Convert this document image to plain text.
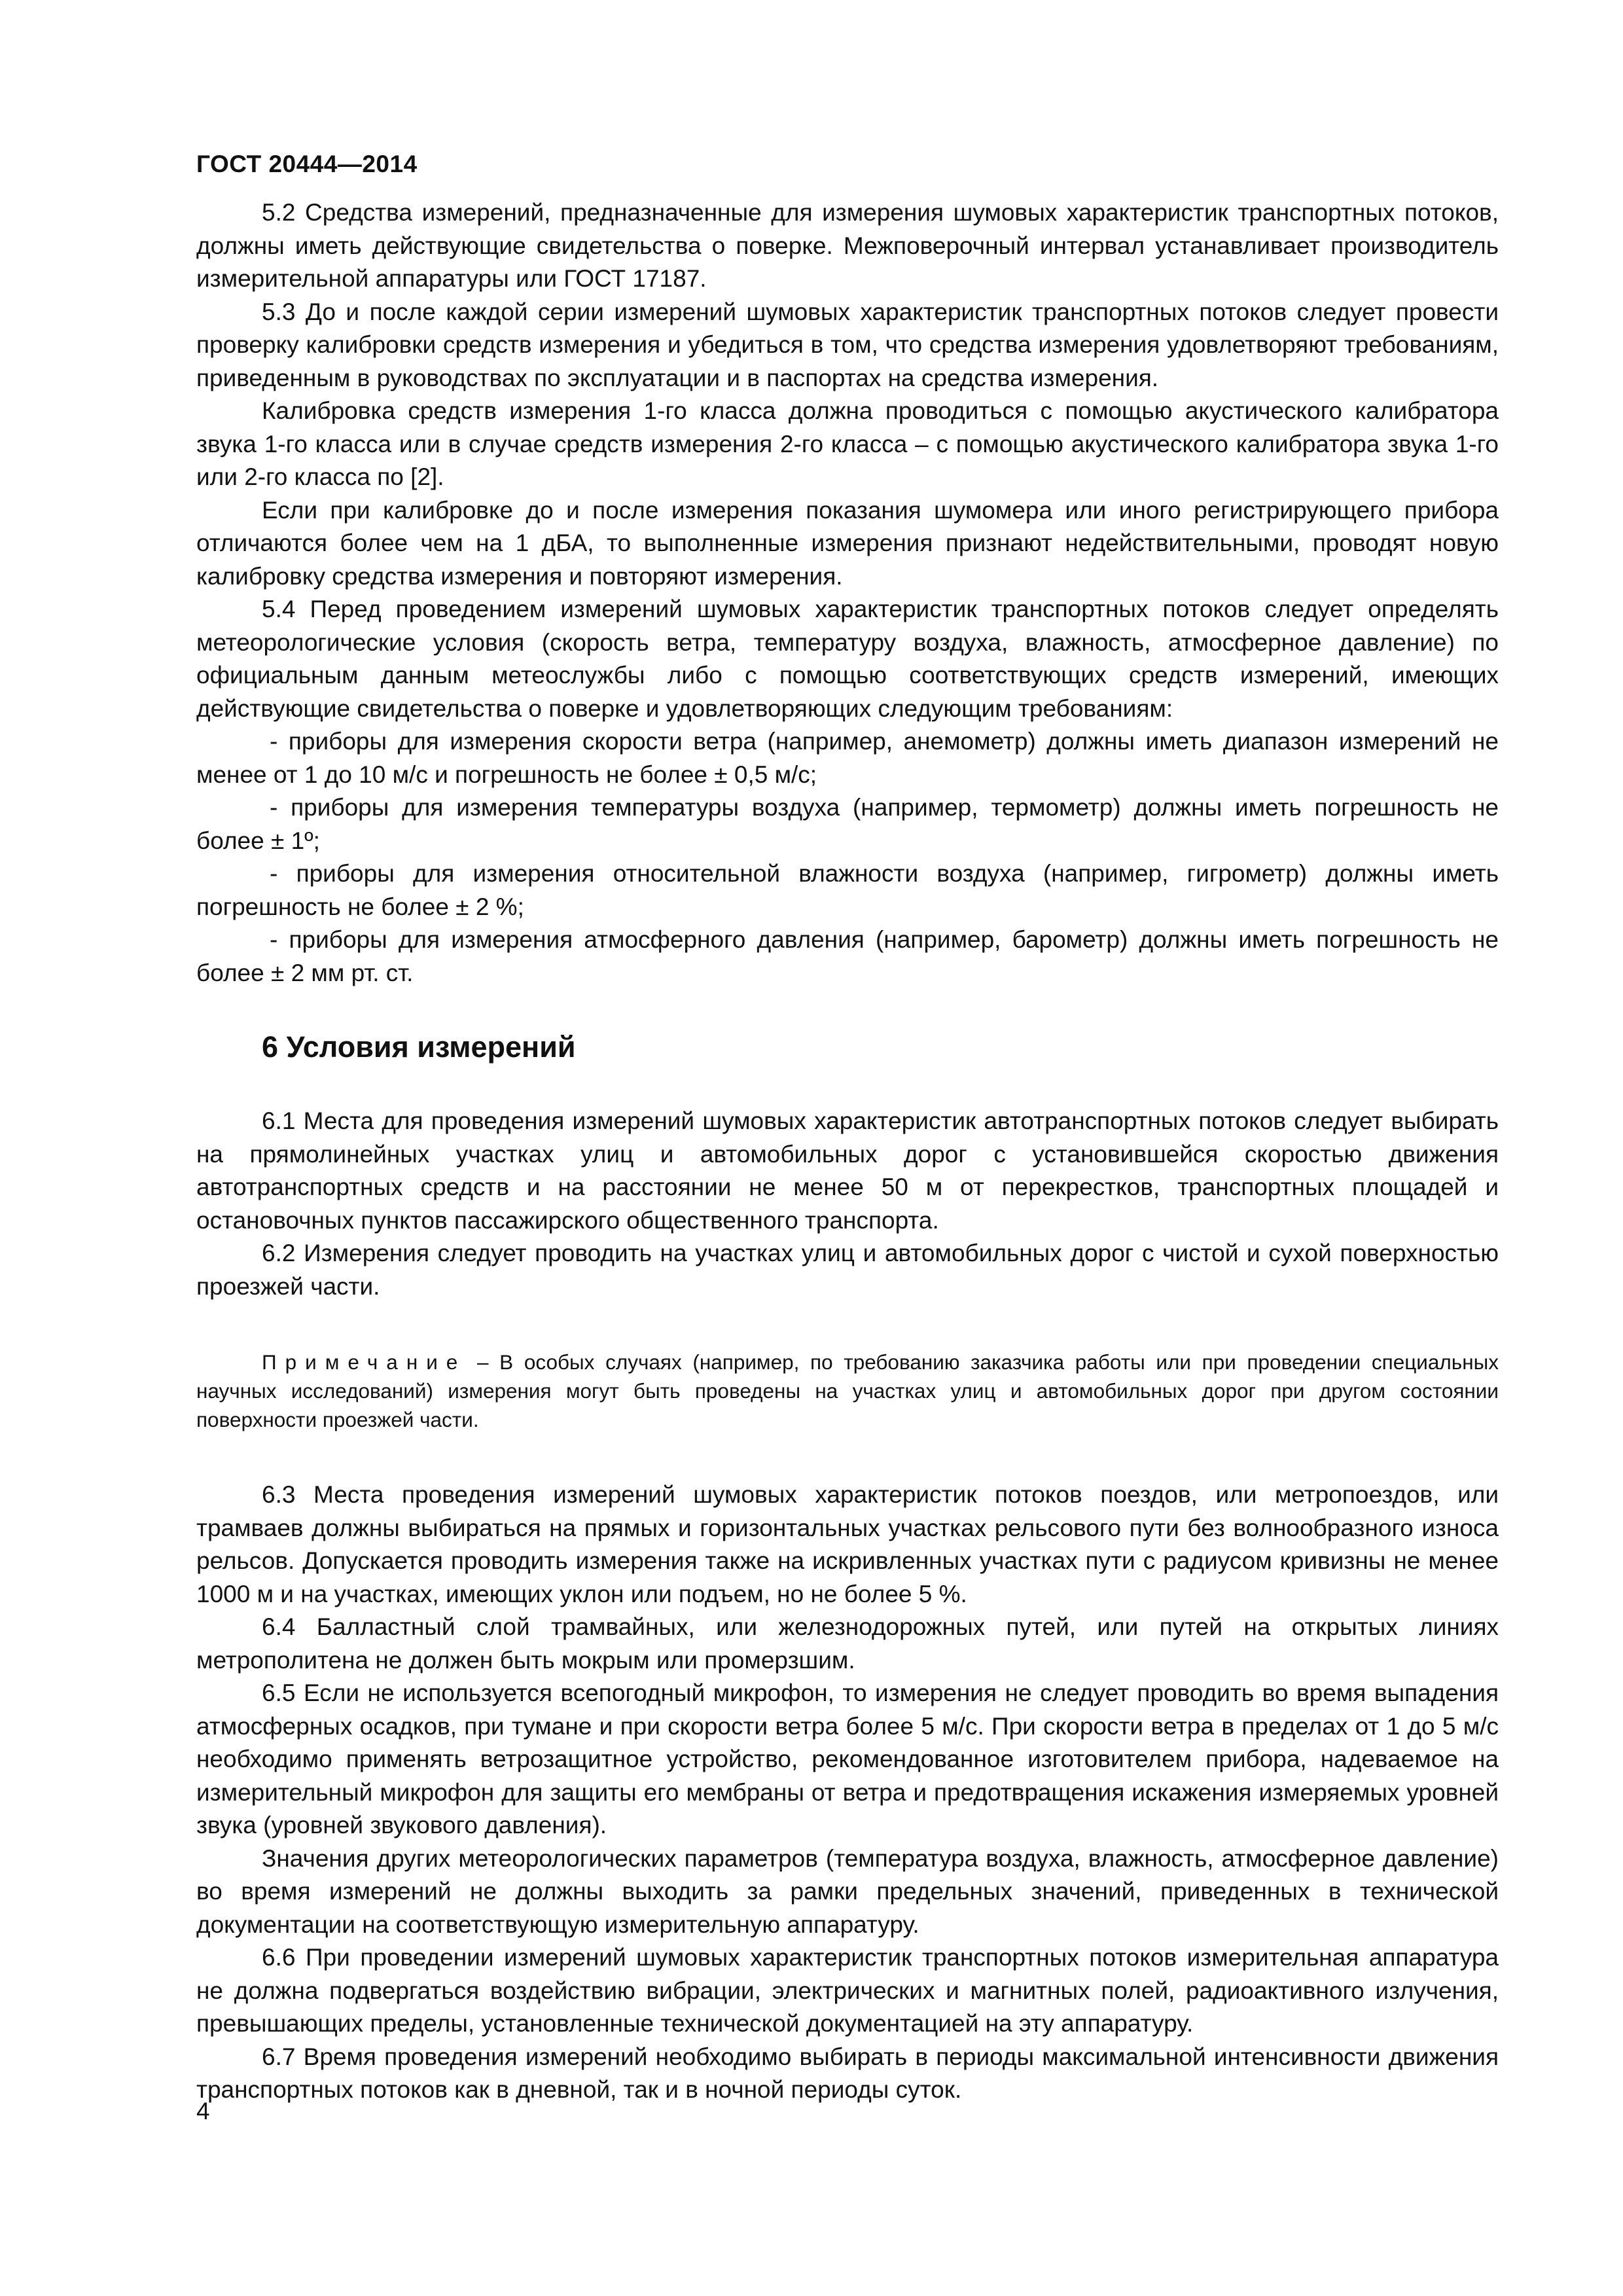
ГОСТ 20444—2014

5.2 Средства измерений, предназначенные для измерения шумовых характеристик транспортных потоков, должны иметь действующие свидетельства о поверке. Межповерочный интервал устанавливает производитель измерительной аппаратуры или ГОСТ 17187.

5.3 До и после каждой серии измерений шумовых характеристик транспортных потоков следует провести проверку калибровки средств измерения и убедиться в том, что средства измерения удовлетворяют требованиям, приведенным в руководствах по эксплуатации и в паспортах на средства измерения.

Калибровка средств измерения 1-го класса должна проводиться с помощью акустического калибратора звука 1-го класса или в случае средств измерения 2-го класса – с помощью акустического калибратора звука 1-го или 2-го класса по [2].

Если при калибровке до и после измерения показания шумомера или иного регистрирующего прибора отличаются более чем на 1 дБА, то выполненные измерения признают недействительными, проводят новую калибровку средства измерения и повторяют измерения.

5.4 Перед проведением измерений шумовых характеристик транспортных потоков следует определять метеорологические условия (скорость ветра, температуру воздуха, влажность, атмосферное давление) по официальным данным метеослужбы либо с помощью соответствующих средств измерений, имеющих действующие свидетельства о поверке и удовлетворяющих следующим требованиям:

- приборы для измерения скорости ветра (например, анемометр) должны иметь диапазон измерений не менее от 1 до 10 м/с и погрешность не более ± 0,5 м/с;

- приборы для измерения температуры воздуха (например, термометр) должны иметь погрешность не более ± 1º;

- приборы для измерения относительной влажности воздуха (например, гигрометр) должны иметь погрешность не более ± 2 %;

- приборы для измерения атмосферного давления (например, барометр) должны иметь погрешность не более ± 2 мм рт. ст.

6 Условия измерений

6.1 Места для проведения измерений шумовых характеристик автотранспортных потоков следует выбирать на прямолинейных участках улиц и автомобильных дорог с установившейся скоростью движения автотранспортных средств и на расстоянии не менее 50 м от перекрестков, транспортных площадей и остановочных пунктов пассажирского общественного транспорта.

6.2 Измерения следует проводить на участках улиц и автомобильных дорог с чистой и сухой поверхностью проезжей части.

Примечание – В особых случаях (например, по требованию заказчика работы или при проведении специальных научных исследований) измерения могут быть проведены на участках улиц и автомобильных дорог при другом состоянии поверхности проезжей части.

6.3 Места проведения измерений шумовых характеристик потоков поездов, или метропоездов, или трамваев должны выбираться на прямых и горизонтальных участках рельсового пути без волнообразного износа рельсов. Допускается проводить измерения также на искривленных участках пути с радиусом кривизны не менее 1000 м и на участках, имеющих уклон или подъем, но не более 5 %.

6.4 Балластный слой трамвайных, или железнодорожных путей, или путей на открытых линиях метрополитена не должен быть мокрым или промерзшим.

6.5 Если не используется всепогодный микрофон, то измерения не следует проводить во время выпадения атмосферных осадков, при тумане и при скорости ветра более 5 м/с. При скорости ветра в пределах от 1 до 5 м/с необходимо применять ветрозащитное устройство, рекомендованное изготовителем прибора, надеваемое на измерительный микрофон для защиты его мембраны от ветра и предотвращения искажения измеряемых уровней звука (уровней звукового давления).

Значения других метеорологических параметров (температура воздуха, влажность, атмосферное давление) во время измерений не должны выходить за рамки предельных значений, приведенных в технической документации на соответствующую измерительную аппаратуру.

6.6 При проведении измерений шумовых характеристик транспортных потоков измерительная аппаратура не должна подвергаться воздействию вибрации, электрических и магнитных полей, радиоактивного излучения, превышающих пределы, установленные технической документацией на эту аппаратуру.

6.7 Время проведения измерений необходимо выбирать в периоды максимальной интенсивности движения транспортных потоков как в дневной, так и в ночной периоды суток.

4
